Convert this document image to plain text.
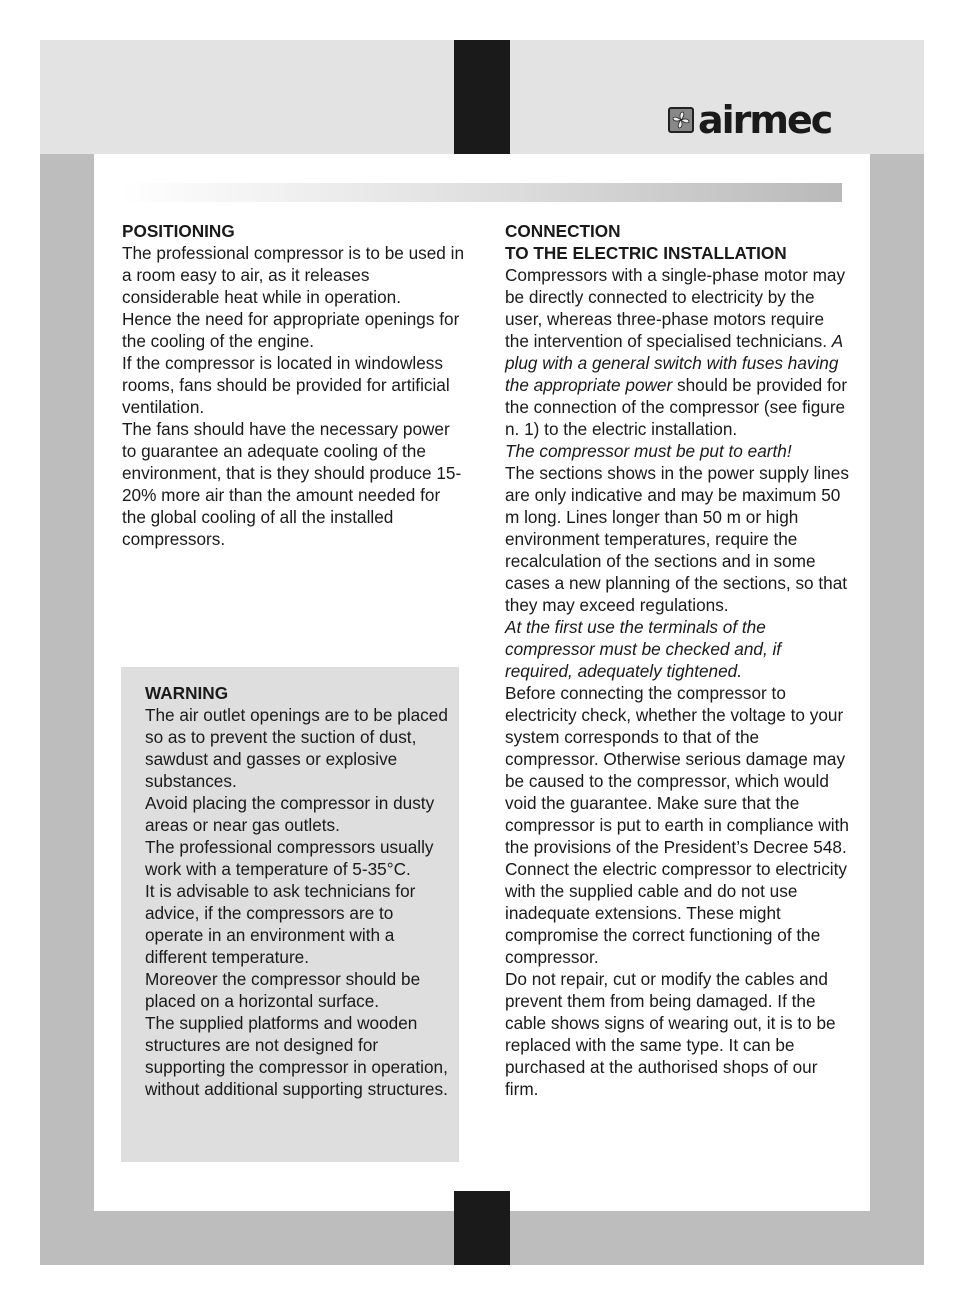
airmec
POSITIONING

The professional compressor is to be used in a room easy to air, as it releases considerable heat while in operation.

Hence the need for appropriate openings for the cooling of the engine.

If the compressor is located in windowless rooms, fans should be provided for artificial ventilation.

The fans should have the necessary power to guarantee an adequate cooling of the environment, that is they should produce 15-20% more air than the amount needed for the global cooling of all the installed compressors.

WARNING

The air outlet openings are to be placed so as to prevent the suction of dust, sawdust and gasses or explosive substances.

Avoid placing the compressor in dusty areas or near gas outlets.

The professional compressors usually work with a temperature of 5-35°C.

It is advisable to ask technicians for advice, if the compressors are to operate in an environment with a different temperature.

Moreover the compressor should be placed on a horizontal surface.

The supplied platforms and wooden structures are not designed for supporting the compressor in operation, without additional supporting structures.

CONNECTION
TO THE ELECTRIC INSTALLATION

Compressors with a single-phase motor may be directly connected to electricity by the user, whereas three-phase motors require the intervention of specialised technicians. A plug with a general switch with fuses having the appropriate power should be provided for the connection of the compressor (see figure n. 1) to the electric installation.

The compressor must be put to earth!

The sections shows in the power supply lines are only indicative and may be maximum 50 m long. Lines longer than 50 m or high environment temperatures, require the recalculation of the sections and in some cases a new planning of the sections, so that they may exceed regulations.

At the first use the terminals of the compressor must be checked and, if required, adequately tightened.

Before connecting the compressor to electricity check, whether the voltage to your system corresponds to that of the compressor. Otherwise serious damage may be caused to the compressor, which would void the guarantee. Make sure that the compressor is put to earth in compliance with the provisions of the President’s Decree 548.

Connect the electric compressor to electricity with the supplied cable and do not use inadequate extensions. These might compromise the correct functioning of the compressor.

Do not repair, cut or modify the cables and prevent them from being damaged. If the cable shows signs of wearing out, it is to be replaced with the same type. It can be purchased at the authorised shops of our firm.
